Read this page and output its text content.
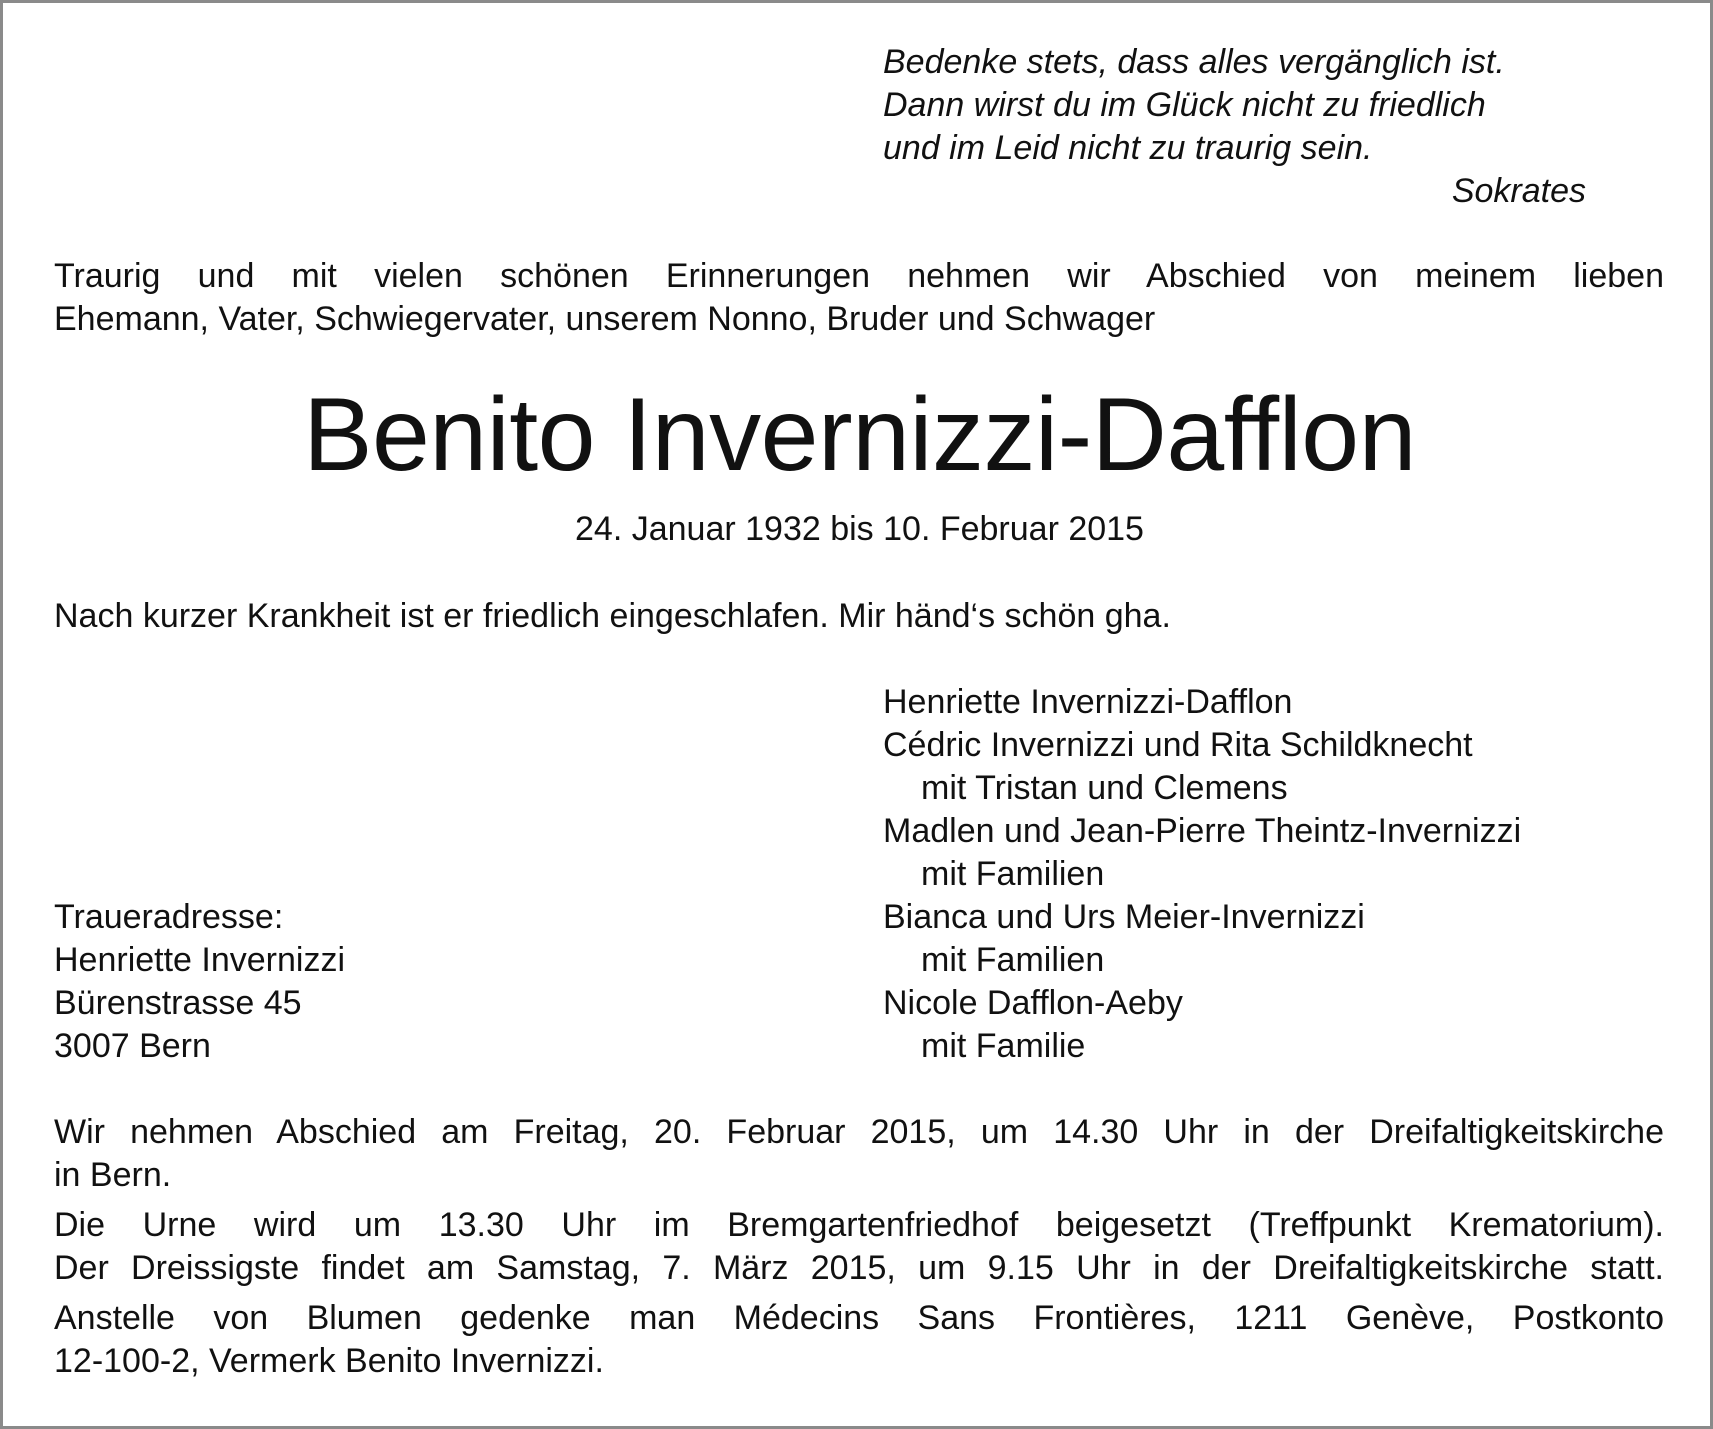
Bedenke stets, dass alles vergänglich ist.
Dann wirst du im Glück nicht zu friedlich
und im Leid nicht zu traurig sein.
Sokrates
Traurig und mit vielen schönen Erinnerungen nehmen wir Abschied von meinem lieben
Ehemann, Vater, Schwiegervater, unserem Nonno, Bruder und Schwager
Benito Invernizzi-Dafflon
24. Januar 1932 bis 10. Februar 2015
Nach kurzer Krankheit ist er friedlich eingeschlafen. Mir händ‘s schön gha.
Henriette Invernizzi-Dafflon
Cédric Invernizzi und Rita Schildknecht
mit Tristan und Clemens
Madlen und Jean-Pierre Theintz-Invernizzi
mit Familien
Bianca und Urs Meier-Invernizzi
mit Familien
Nicole Dafflon-Aeby
mit Familie
Traueradresse:
Henriette Invernizzi
Bürenstrasse 45
3007 Bern

Wir nehmen Abschied am Freitag, 20. Februar 2015, um 14.30 Uhr in der Dreifaltigkeitskirche
in Bern.

Die Urne wird um 13.30 Uhr im Bremgartenfriedhof beigesetzt (Treffpunkt Krematorium).
Der Dreissigste findet am Samstag, 7. März 2015, um 9.15 Uhr in der Dreifaltigkeitskirche statt.

Anstelle von Blumen gedenke man Médecins Sans Frontières, 1211 Genève, Postkonto
12-100-2, Vermerk Benito Invernizzi.
